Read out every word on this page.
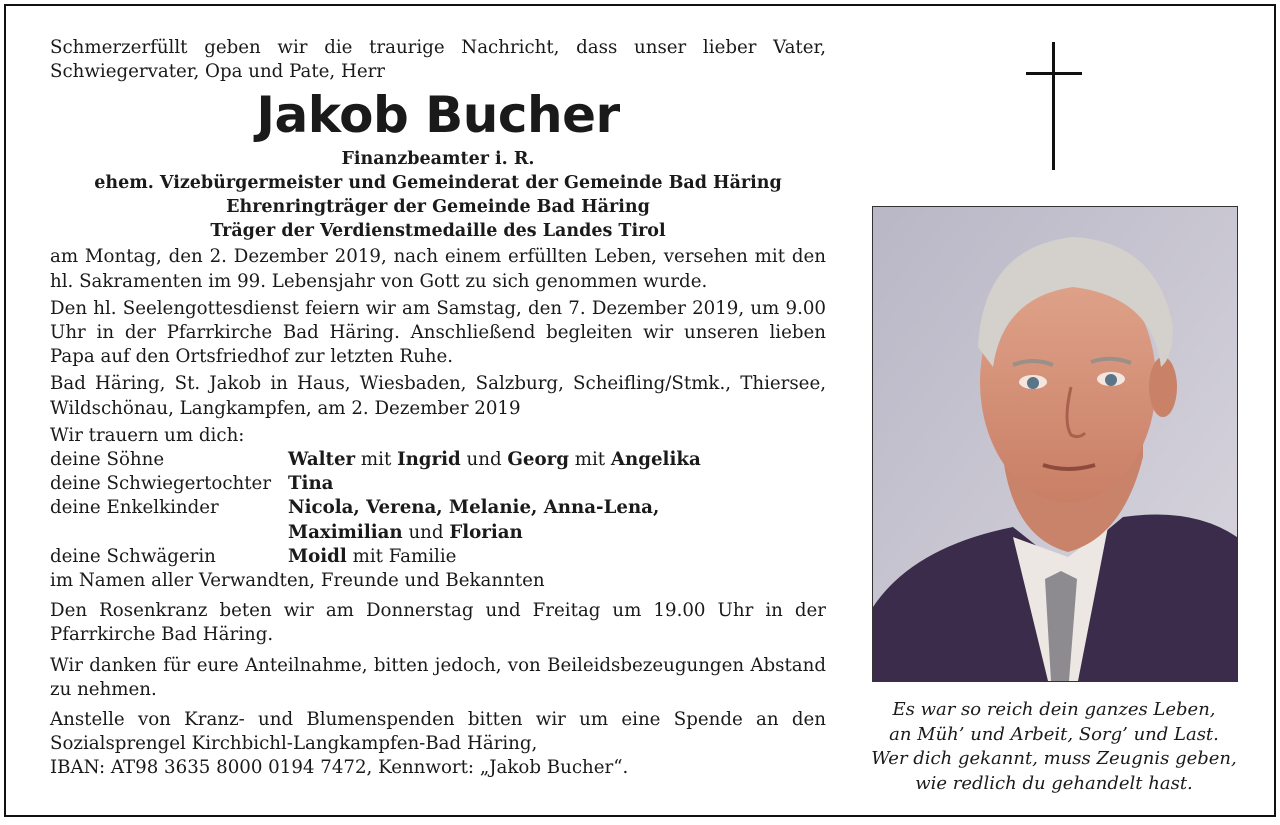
Schmerzerfüllt geben wir die traurige Nachricht, dass unser lieber Vater, Schwiegervater, Opa und Pate, Herr

Jakob Bucher
Finanzbeamter i. R.
ehem. Vizebürgermeister und Gemeinderat der Gemeinde Bad Häring
Ehrenringträger der Gemeinde Bad Häring
Träger der Verdienstmedaille des Landes Tirol

am Montag, den 2. Dezember 2019, nach einem erfüllten Leben, versehen mit den hl. Sakramenten im 99. Lebensjahr von Gott zu sich genommen wurde.

Den hl. Seelengottesdienst feiern wir am Samstag, den 7. Dezember 2019, um 9.00 Uhr in der Pfarrkirche Bad Häring. Anschließend begleiten wir unseren lieben Papa auf den Ortsfriedhof zur letzten Ruhe.

Bad Häring, St. Jakob in Haus, Wiesbaden, Salzburg, Scheifling/Stmk., Thiersee, Wildschönau, Langkampfen, am 2. Dezember 2019

Wir trauern um dich:
deine Söhne	Walter mit Ingrid und Georg mit Angelika
deine Schwiegertochter Tina
deine Enkelkinder	Nicola, Verena, Melanie, Anna-Lena,
Maximilian und Florian
deine Schwägerin	Moidl mit Familie

im Namen aller Verwandten, Freunde und Bekannten

Den Rosenkranz beten wir am Donnerstag und Freitag um 19.00 Uhr in der Pfarrkirche Bad Häring.

Wir danken für eure Anteilnahme, bitten jedoch, von Beileidsbezeugungen Abstand zu nehmen.

Anstelle von Kranz- und Blumenspenden bitten wir um eine Spende an den Sozialsprengel Kirchbichl-Langkampfen-Bad Häring,

IBAN: AT98 3635 8000 0194 7472, Kennwort: „Jakob Bucher“.
Es war so reich dein ganzes Leben,
an Müh’ und Arbeit, Sorg’ und Last.
Wer dich gekannt, muss Zeugnis geben,
wie redlich du gehandelt hast.
